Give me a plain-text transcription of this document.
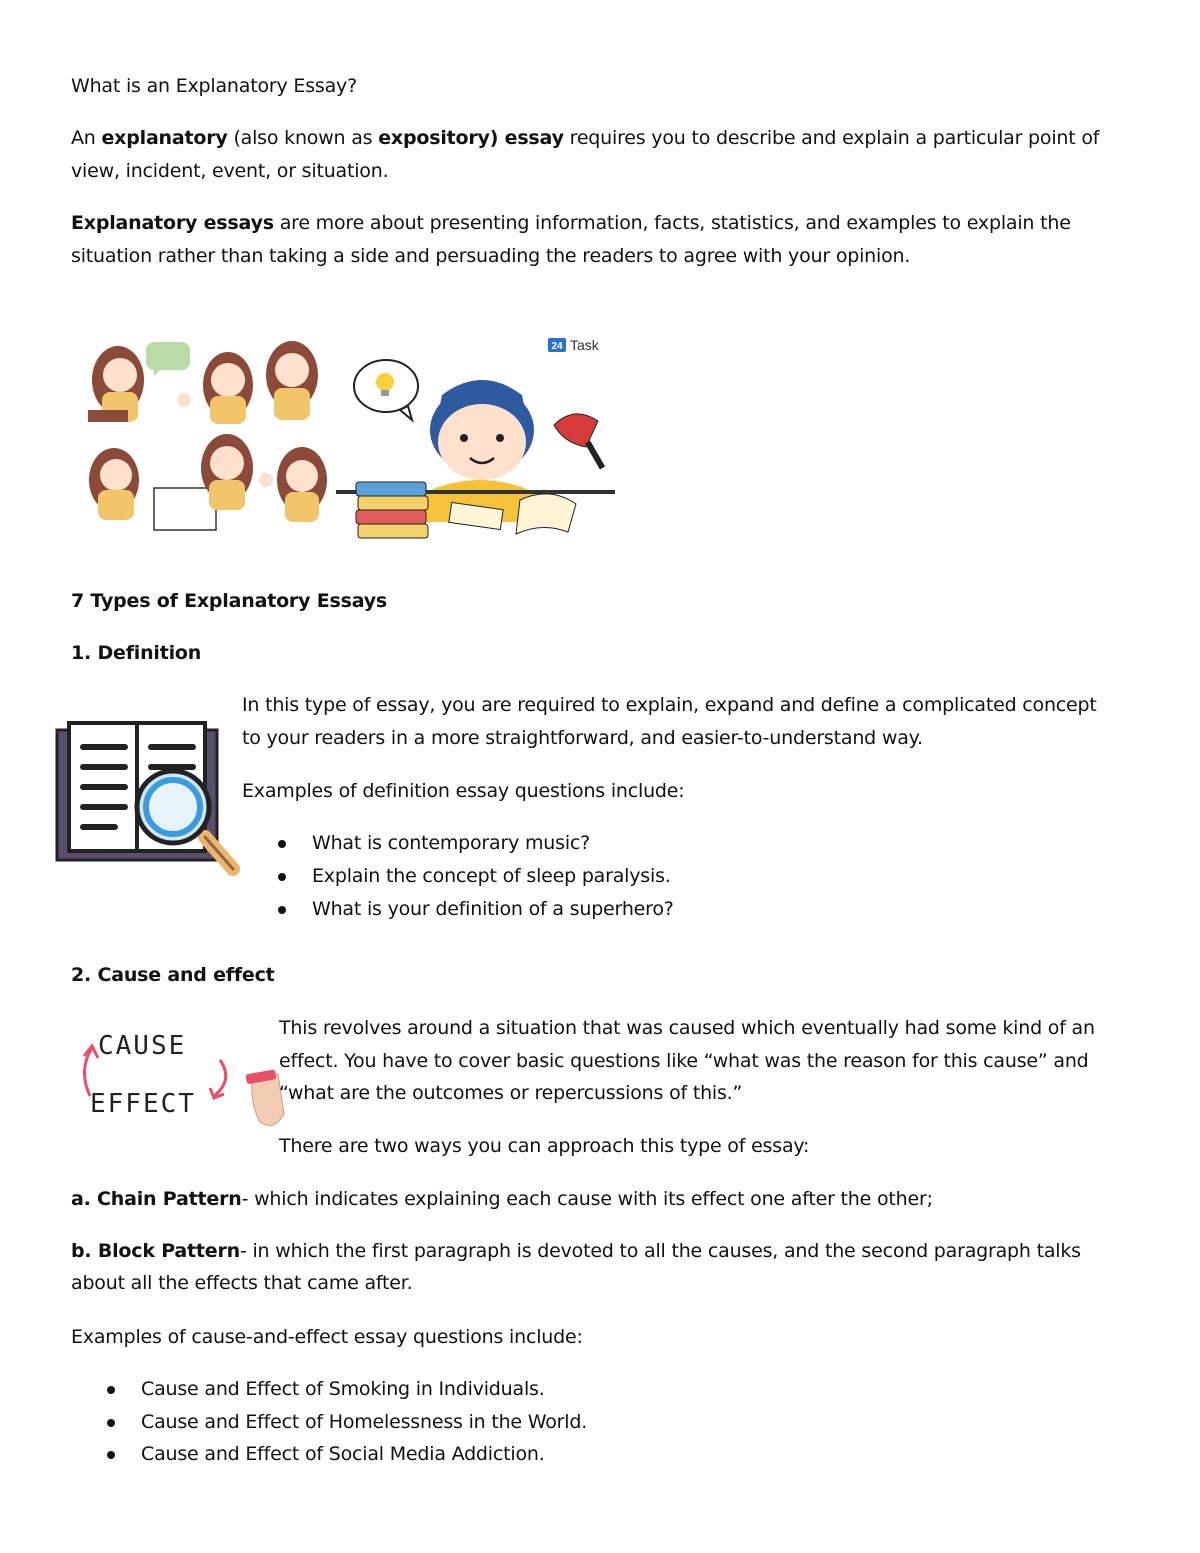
What is an Explanatory Essay?
An explanatory (also known as expository) essay requires you to describe and explain a particular point of
view, incident, event, or situation.
Explanatory essays are more about presenting information, facts, statistics, and examples to explain the
situation rather than taking a side and persuading the readers to agree with your opinion.
24 Task
7 Types of Explanatory Essays
1. Definition
In this type of essay, you are required to explain, expand and define a complicated concept
to your readers in a more straightforward, and easier-to-understand way.
Examples of definition essay questions include:
What is contemporary music?
Explain the concept of sleep paralysis.
What is your definition of a superhero?
2. Cause and effect
CAUSE
EFFECT
This revolves around a situation that was caused which eventually had some kind of an
effect. You have to cover basic questions like “what was the reason for this cause” and
“what are the outcomes or repercussions of this.”
There are two ways you can approach this type of essay:
a. Chain Pattern- which indicates explaining each cause with its effect one after the other;
b. Block Pattern- in which the first paragraph is devoted to all the causes, and the second paragraph talks
about all the effects that came after.
Examples of cause-and-effect essay questions include:
Cause and Effect of Smoking in Individuals.
Cause and Effect of Homelessness in the World.
Cause and Effect of Social Media Addiction.
